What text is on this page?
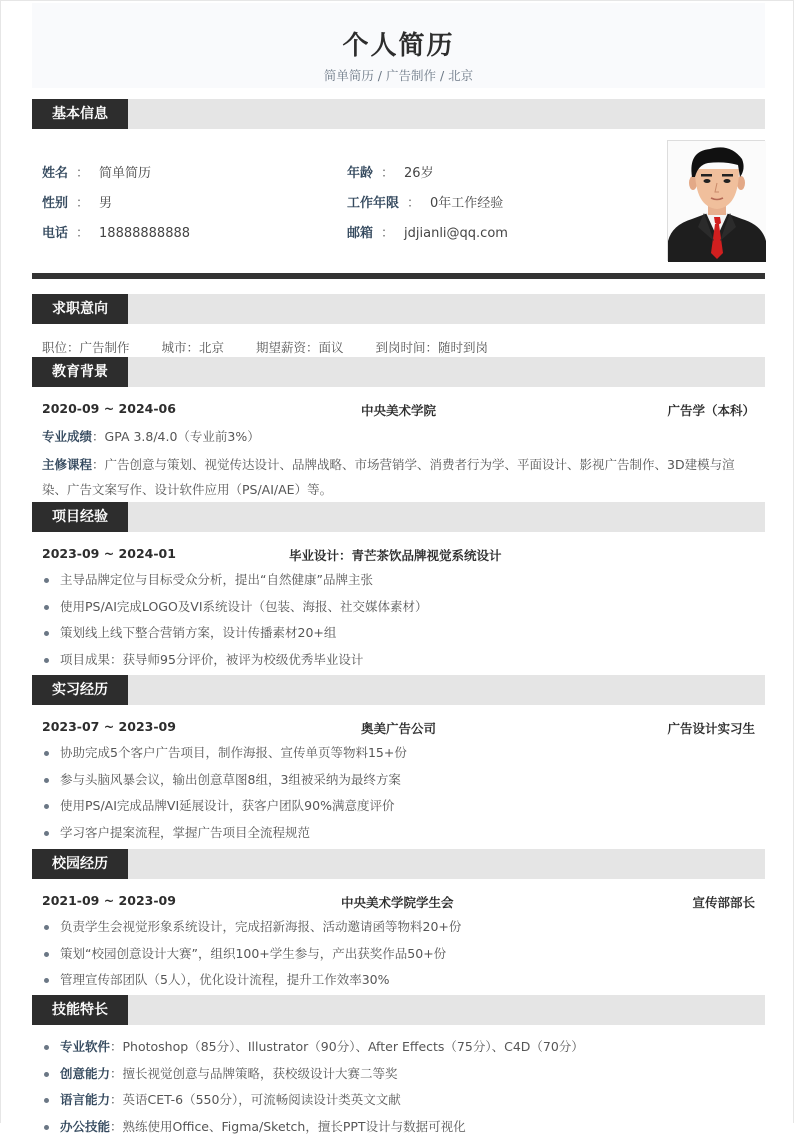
个人简历
简单简历 / 广告制作 / 北京
基本信息
姓名 ： 简单简历
性别 ： 男
电话 ： 18888888888
年龄 ： 26岁
工作年限 ： 0年工作经验
邮箱 ： jdjianli@qq.com
求职意向
职位：广告制作	城市：北京	期望薪资：面议	到岗时间：随时到岗
教育背景
2020-09 ~ 2024-06	中央美术学院	广告学（本科）
专业成绩：GPA 3.8/4.0（专业前3%）
主修课程：广告创意与策划、视觉传达设计、品牌战略、市场营销学、消费者行为学、平面设计、影视广告制作、3D建模与渲染、广告文案写作、设计软件应用（PS/AI/AE）等。
项目经验
2023-09 ~ 2024-01	毕业设计：青芒茶饮品牌视觉系统设计
主导品牌定位与目标受众分析，提出“自然健康”品牌主张
使用PS/AI完成LOGO及VI系统设计（包装、海报、社交媒体素材）
策划线上线下整合营销方案，设计传播素材20+组
项目成果：获导师95分评价，被评为校级优秀毕业设计
实习经历
2023-07 ~ 2023-09	奥美广告公司	广告设计实习生
协助完成5个客户广告项目，制作海报、宣传单页等物料15+份
参与头脑风暴会议，输出创意草图8组，3组被采纳为最终方案
使用PS/AI完成品牌VI延展设计，获客户团队90%满意度评价
学习客户提案流程，掌握广告项目全流程规范
校园经历
2021-09 ~ 2023-09	中央美术学院学生会	宣传部部长
负责学生会视觉形象系统设计，完成招新海报、活动邀请函等物料20+份
策划“校园创意设计大赛”，组织100+学生参与，产出获奖作品50+份
管理宣传部团队（5人），优化设计流程，提升工作效率30%
技能特长
专业软件：Photoshop（85分）、Illustrator（90分）、After Effects（75分）、C4D（70分）
创意能力：擅长视觉创意与品牌策略，获校级设计大赛二等奖
语言能力：英语CET-6（550分），可流畅阅读设计类英文文献
办公技能：熟练使用Office、Figma/Sketch，擅长PPT设计与数据可视化
